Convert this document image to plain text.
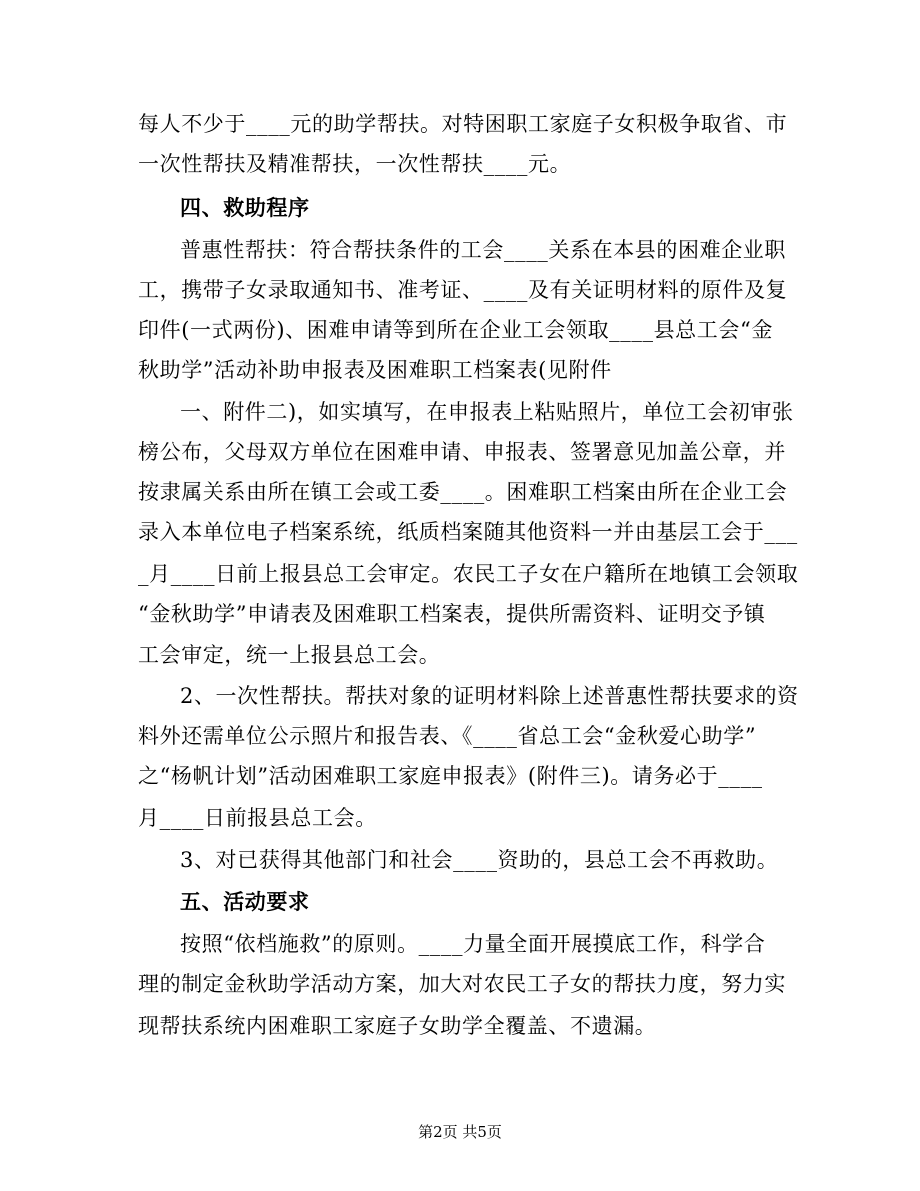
每人不少于____元的助学帮扶。对特困职工家庭子女积极争取省、市
一次性帮扶及精准帮扶，一次性帮扶____元。
四、救助程序
普惠性帮扶：符合帮扶条件的工会____关系在本县的困难企业职
工，携带子女录取通知书、准考证、____及有关证明材料的原件及复
印件(一式两份)、困难申请等到所在企业工会领取____县总工会“金
秋助学”活动补助申报表及困难职工档案表(见附件
一、附件二)，如实填写，在申报表上粘贴照片，单位工会初审张
榜公布，父母双方单位在困难申请、申报表、签署意见加盖公章，并
按隶属关系由所在镇工会或工委____。困难职工档案由所在企业工会
录入本单位电子档案系统，纸质档案随其他资料一并由基层工会于___
_月____日前上报县总工会审定。农民工子女在户籍所在地镇工会领取
“金秋助学”申请表及困难职工档案表，提供所需资料、证明交予镇
工会审定，统一上报县总工会。
2、一次性帮扶。帮扶对象的证明材料除上述普惠性帮扶要求的资
料外还需单位公示照片和报告表、《____省总工会“金秋爱心助学”
之“杨帆计划”活动困难职工家庭申报表》(附件三)。请务必于____
月____日前报县总工会。
3、对已获得其他部门和社会____资助的，县总工会不再救助。
五、活动要求
按照“依档施救”的原则。____力量全面开展摸底工作，科学合
理的制定金秋助学活动方案，加大对农民工子女的帮扶力度，努力实
现帮扶系统内困难职工家庭子女助学全覆盖、不遗漏。
第2页 共5页
